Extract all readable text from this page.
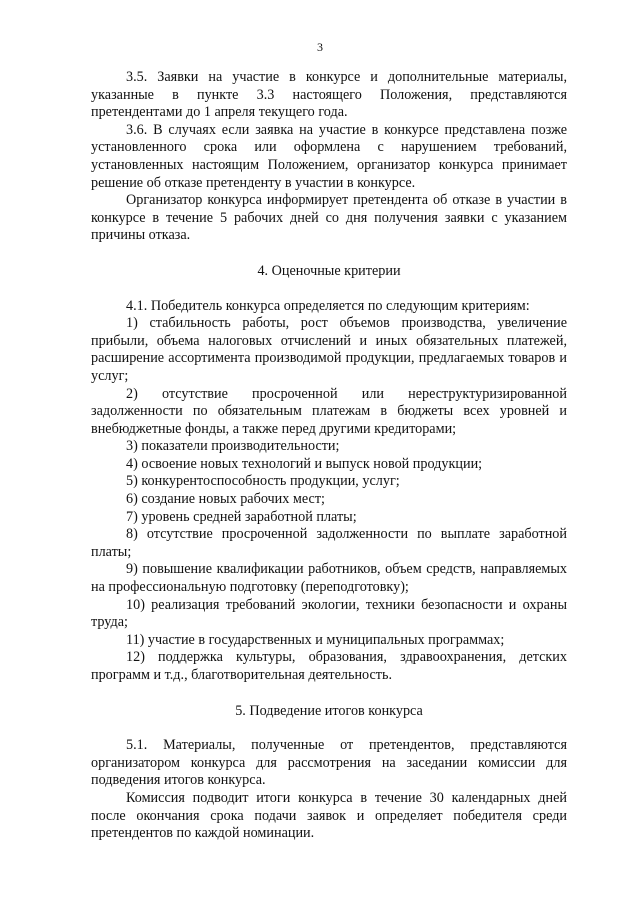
3

3.5. Заявки на участие в конкурсе и дополнительные материалы, указанные в пункте 3.3 настоящего Положения, представляются претендентами до 1 апреля текущего года.

3.6. В случаях если заявка на участие в конкурсе представлена позже установленного срока или оформлена с нарушением требований, установленных настоящим Положением, организатор конкурса принимает решение об отказе претенденту в участии в конкурсе.

Организатор конкурса информирует претендента об отказе в участии в конкурсе в течение 5 рабочих дней со дня получения заявки с указанием причины отказа.

4. Оценочные критерии

4.1. Победитель конкурса определяется по следующим критериям:

1) стабильность работы, рост объемов производства, увеличение прибыли, объема налоговых отчислений и иных обязательных платежей, расширение ассортимента производимой продукции, предлагаемых товаров и услуг;

2) отсутствие просроченной или нереструктуризированной задолженности по обязательным платежам в бюджеты всех уровней и внебюджетные фонды, а также перед другими кредиторами;

3) показатели производительности;

4) освоение новых технологий и выпуск новой продукции;

5) конкурентоспособность продукции, услуг;

6) создание новых рабочих мест;

7) уровень средней заработной платы;

8) отсутствие просроченной задолженности по выплате заработной платы;

9) повышение квалификации работников, объем средств, направляемых на профессиональную подготовку (переподготовку);

10) реализация требований экологии, техники безопасности и охраны труда;

11) участие в государственных и муниципальных программах;

12) поддержка культуры, образования, здравоохранения, детских программ и т.д., благотворительная деятельность.

5. Подведение итогов конкурса

5.1. Материалы, полученные от претендентов, представляются организатором конкурса для рассмотрения на заседании комиссии для подведения итогов конкурса.

Комиссия подводит итоги конкурса в течение 30 календарных дней после окончания срока подачи заявок и определяет победителя среди претендентов по каждой номинации.
